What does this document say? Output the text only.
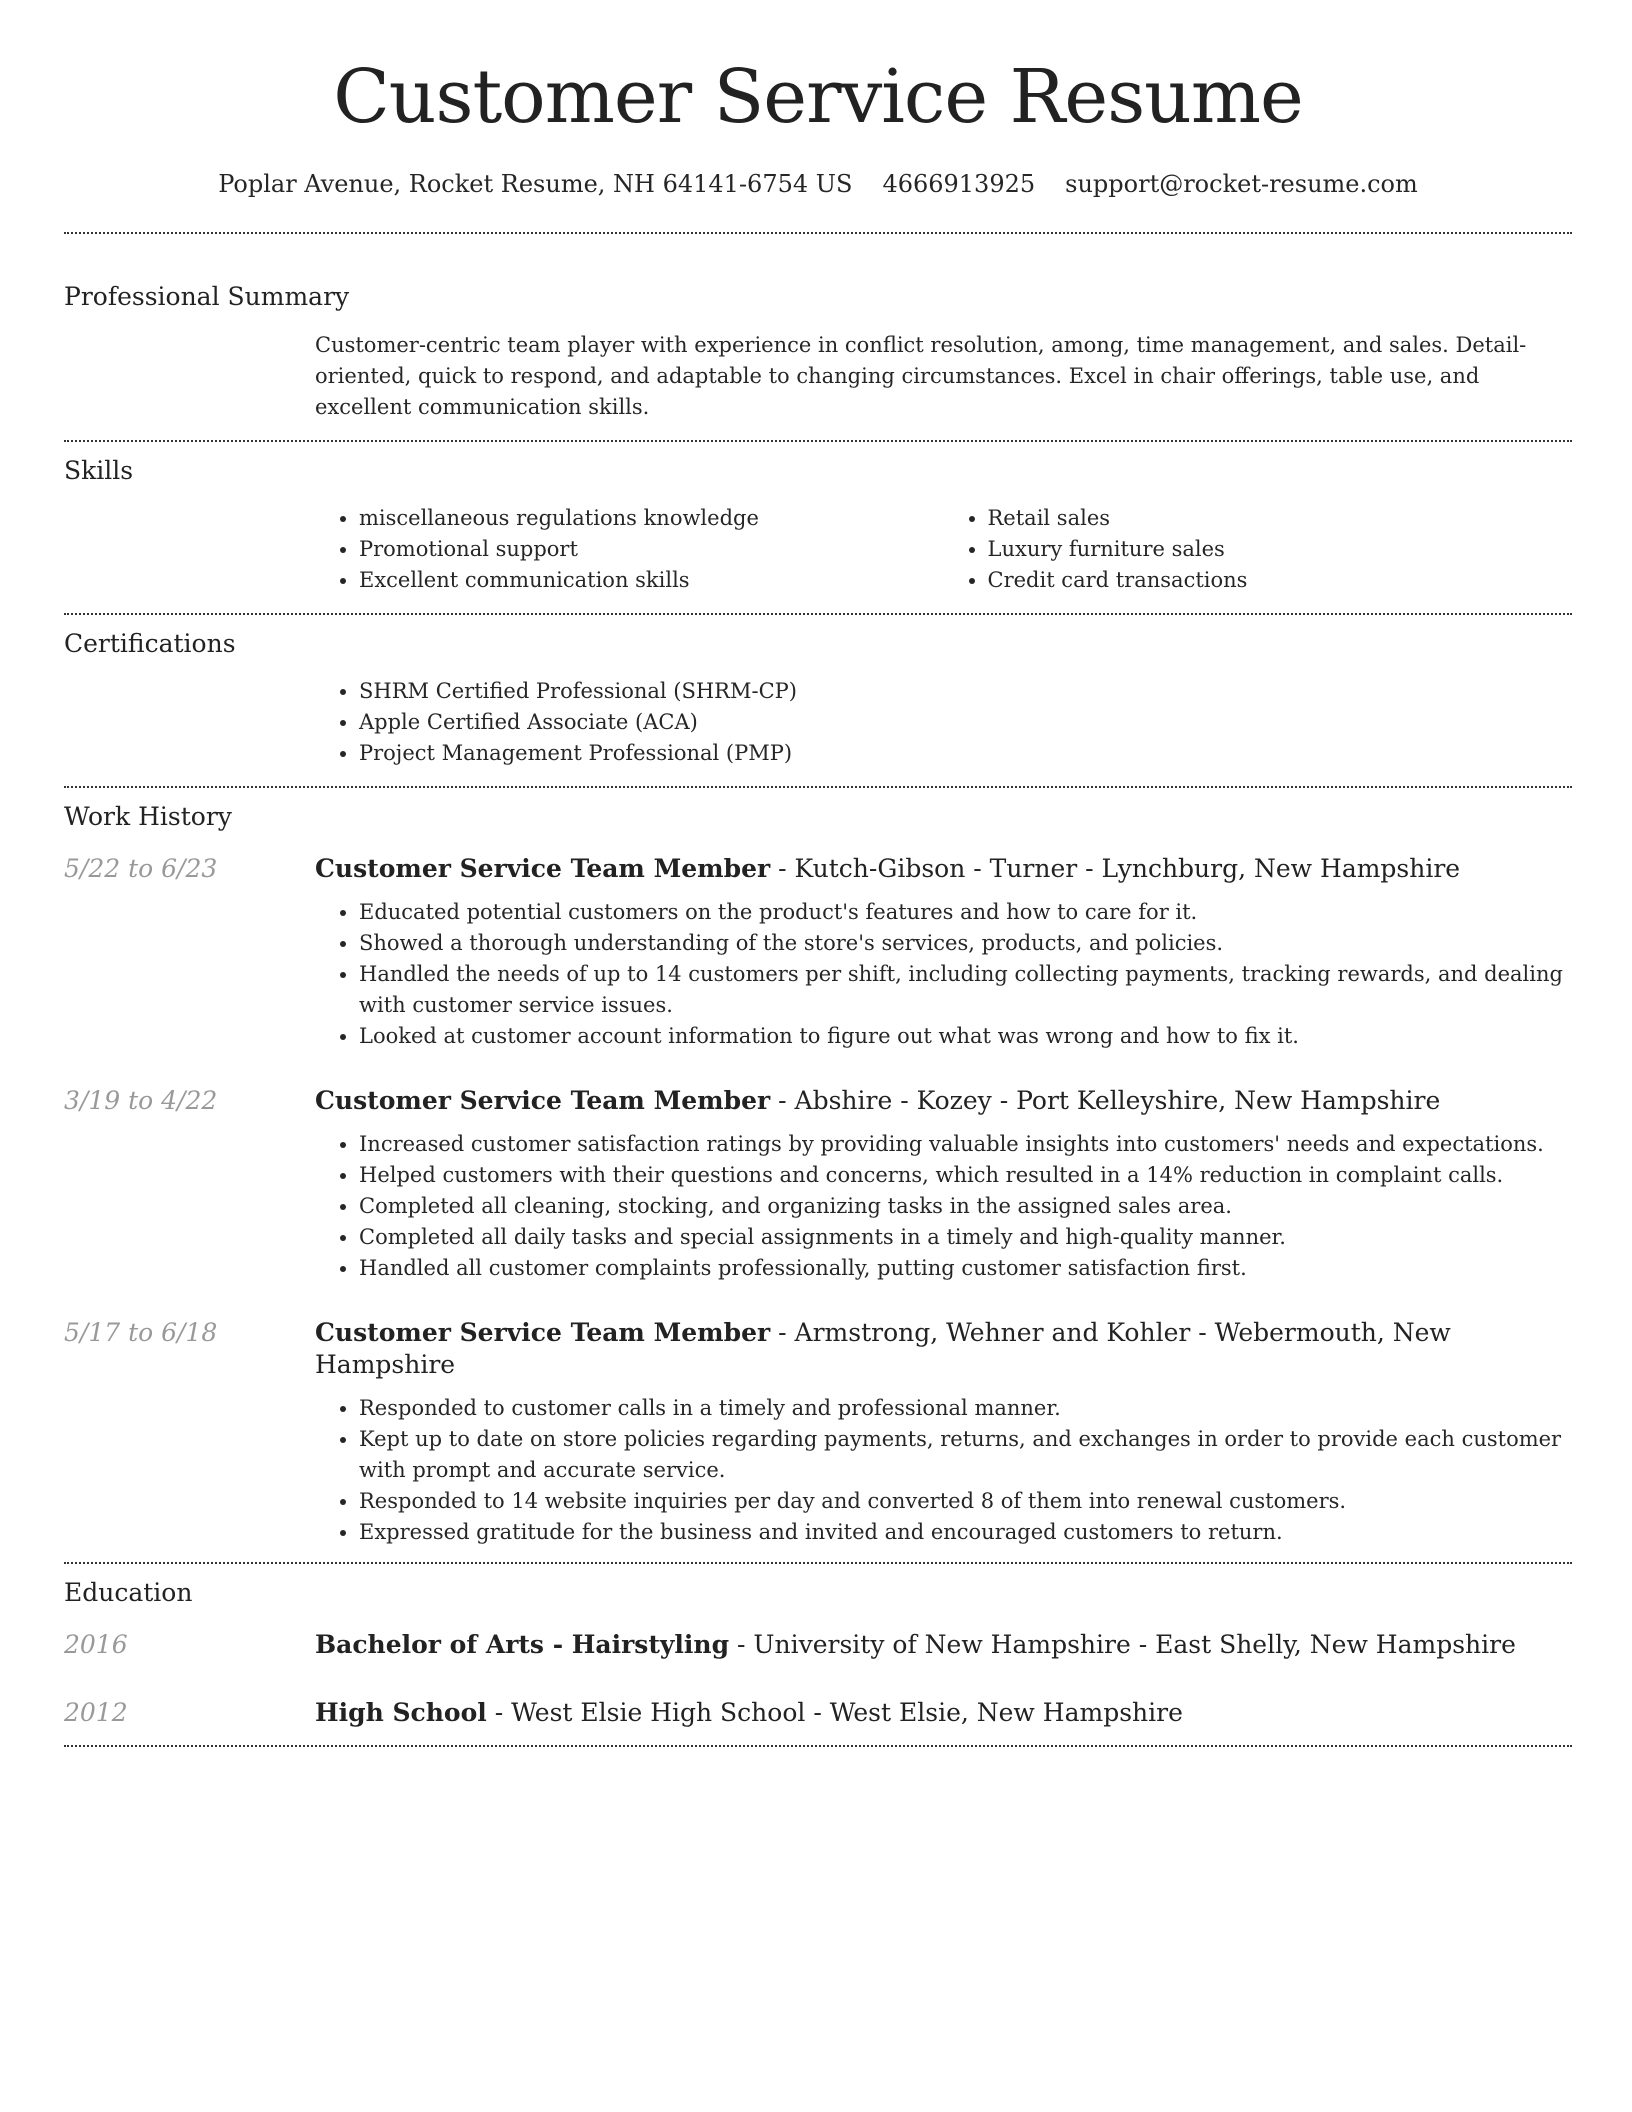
Customer Service Resume
Poplar Avenue, Rocket Resume, NH 64141-6754 US 4666913925 support@rocket-resume.com
Professional Summary
Customer-centric team player with experience in conflict resolution, among, time management, and sales. Detail-oriented, quick to respond, and adaptable to changing circumstances. Excel in chair offerings, table use, and excellent communication skills.
Skills
• miscellaneous regulations knowledge
• Promotional support
• Excellent communication skills
• Retail sales
• Luxury furniture sales
• Credit card transactions
Certifications
• SHRM Certified Professional (SHRM-CP)
• Apple Certified Associate (ACA)
• Project Management Professional (PMP)
Work History
5/22 to 6/23	Customer Service Team Member - Kutch-Gibson - Turner - Lynchburg, New Hampshire
• Educated potential customers on the product's features and how to care for it.
• Showed a thorough understanding of the store's services, products, and policies.
• Handled the needs of up to 14 customers per shift, including collecting payments, tracking rewards, and dealing with customer service issues.
• Looked at customer account information to figure out what was wrong and how to fix it.
3/19 to 4/22	Customer Service Team Member - Abshire - Kozey - Port Kelleyshire, New Hampshire
• Increased customer satisfaction ratings by providing valuable insights into customers' needs and expectations.
• Helped customers with their questions and concerns, which resulted in a 14% reduction in complaint calls.
• Completed all cleaning, stocking, and organizing tasks in the assigned sales area.
• Completed all daily tasks and special assignments in a timely and high-quality manner.
• Handled all customer complaints professionally, putting customer satisfaction first.
5/17 to 6/18	Customer Service Team Member - Armstrong, Wehner and Kohler - Webermouth, New Hampshire
• Responded to customer calls in a timely and professional manner.
• Kept up to date on store policies regarding payments, returns, and exchanges in order to provide each customer with prompt and accurate service.
• Responded to 14 website inquiries per day and converted 8 of them into renewal customers.
• Expressed gratitude for the business and invited and encouraged customers to return.
Education
2016	Bachelor of Arts - Hairstyling - University of New Hampshire - East Shelly, New Hampshire
2012	High School - West Elsie High School - West Elsie, New Hampshire
